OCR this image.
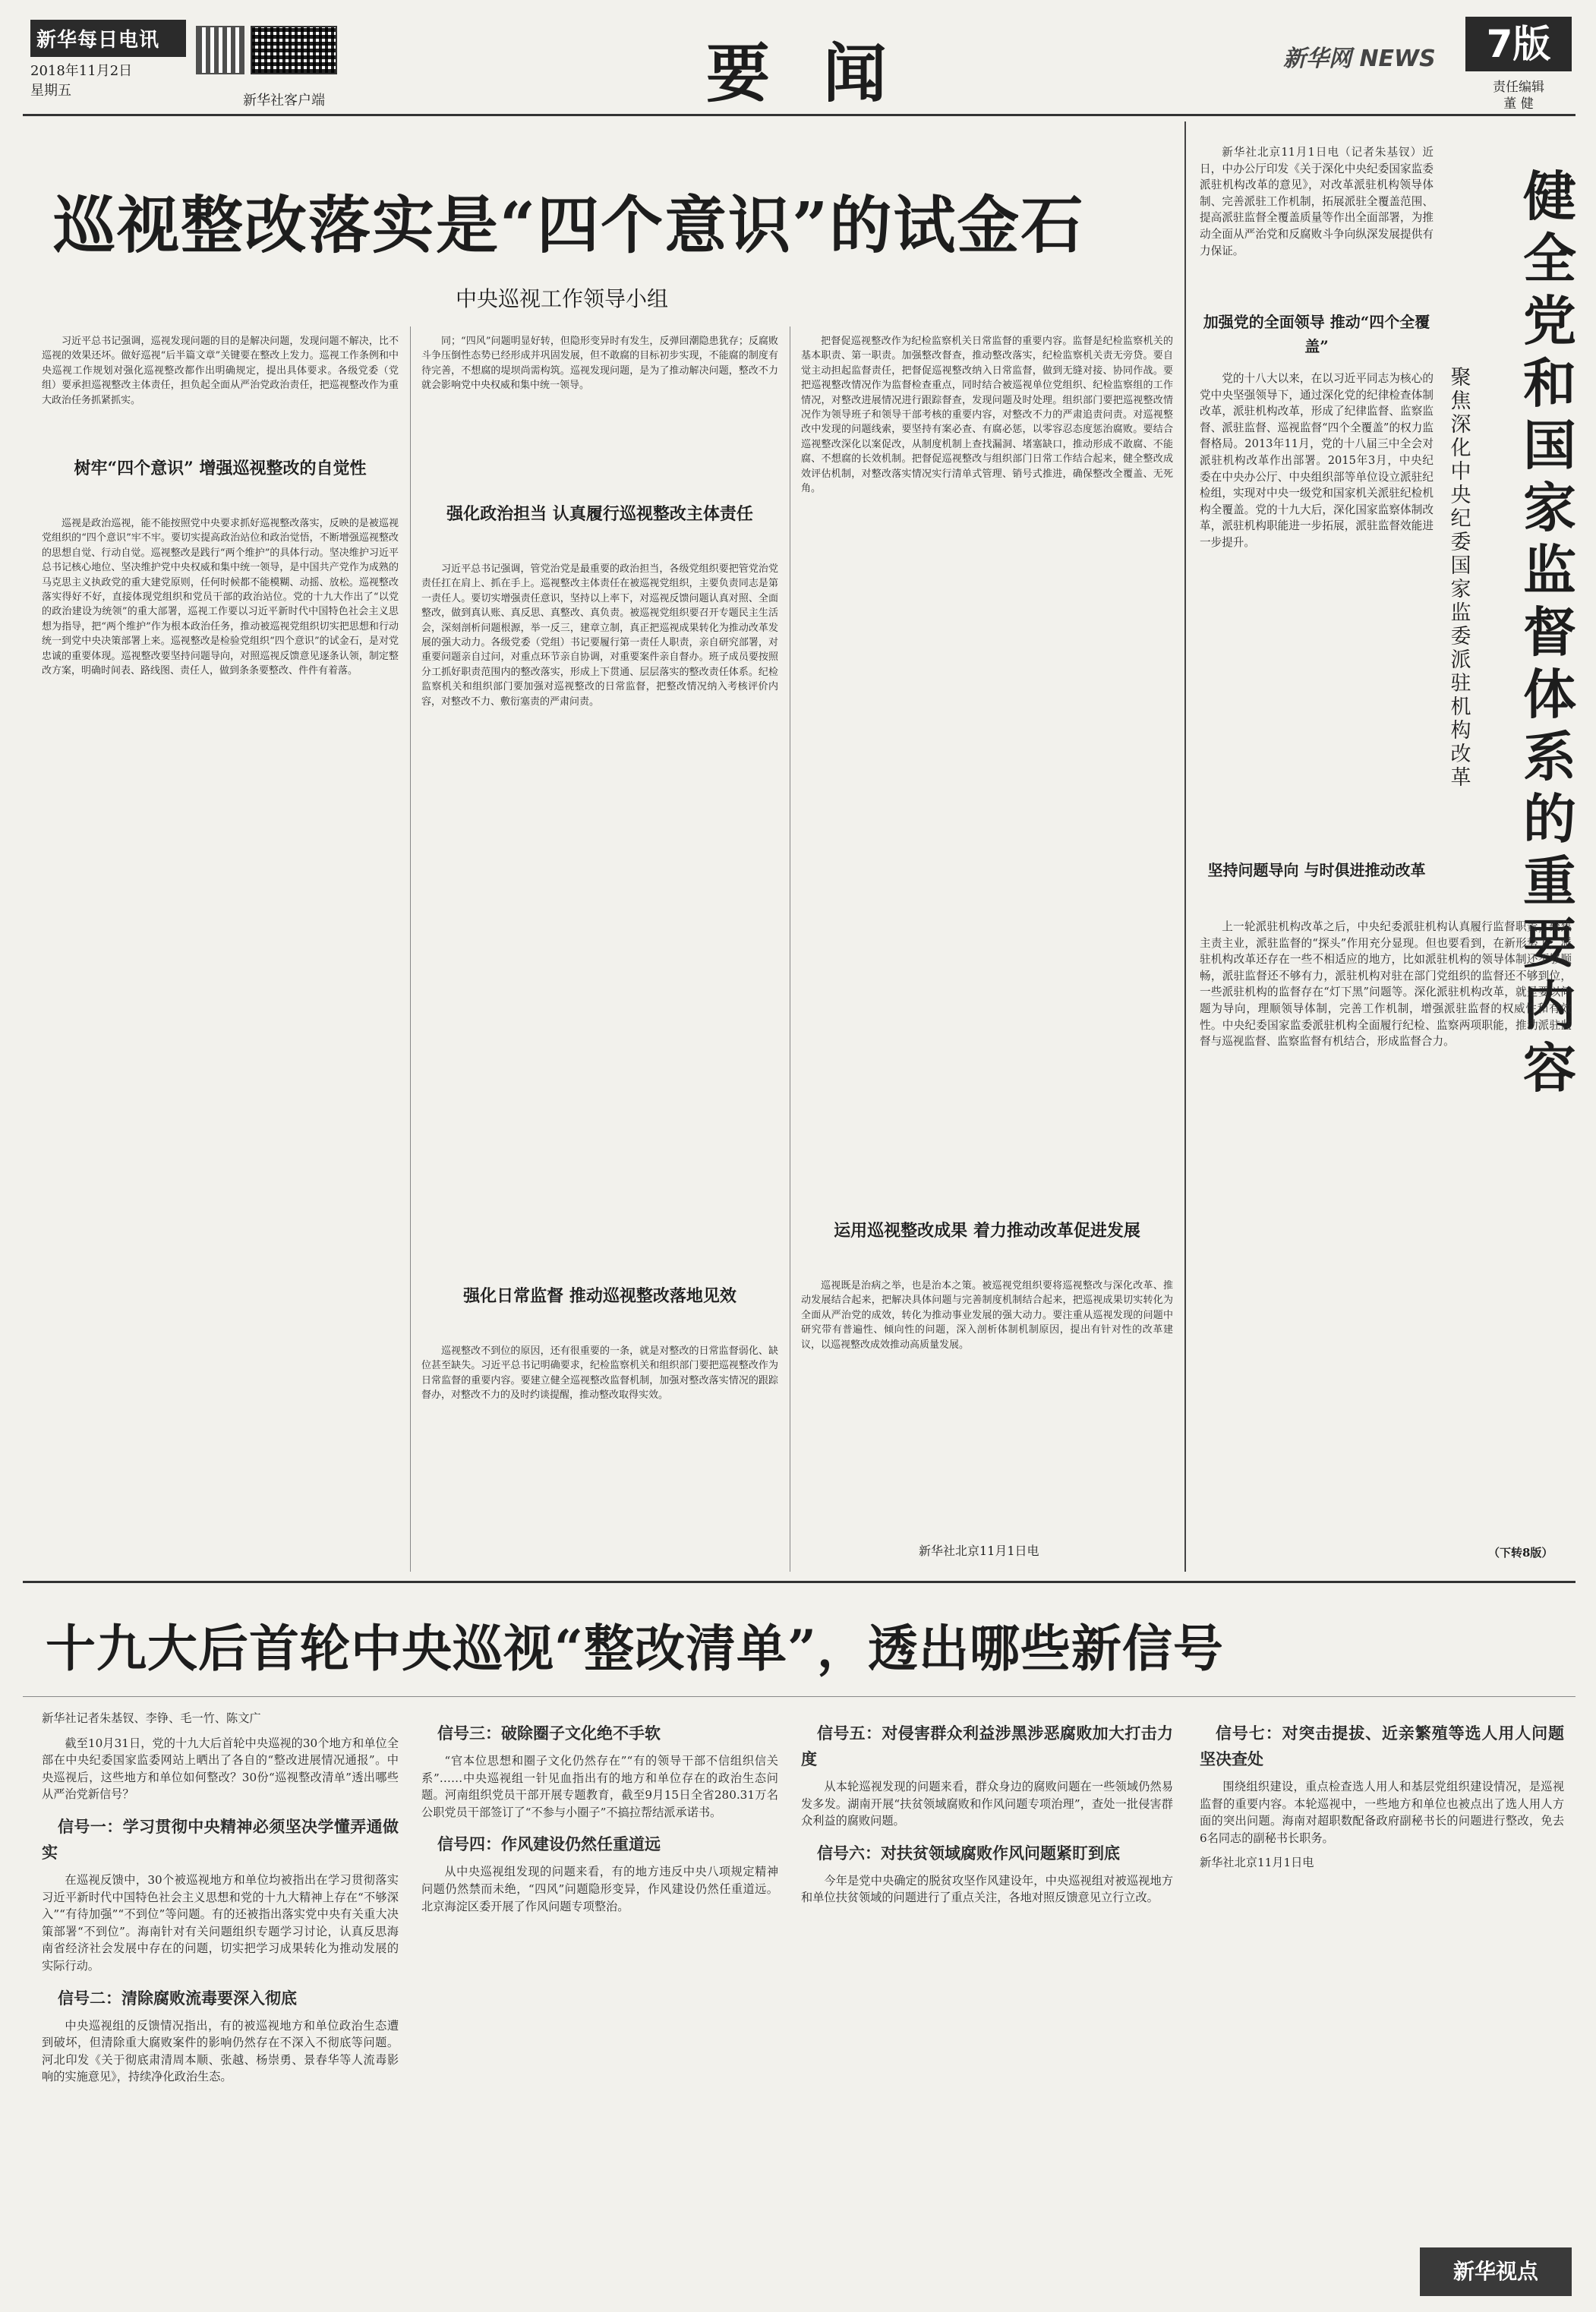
新华每日电讯
2018年11月2日
星期五
新华社客户端	要闻	新华网 NEWS	7版
责任编辑
董 健
巡视整改落实是“四个意识”的试金石
中央巡视工作领导小组

习近平总书记强调，巡视发现问题的目的是解决问题，发现问题不解决，比不巡视的效果还坏。做好巡视“后半篇文章”关键要在整改上发力。巡视工作条例和中央巡视工作规划对强化巡视整改都作出明确规定，提出具体要求。各级党委（党组）要承担巡视整改主体责任，担负起全面从严治党政治责任，把巡视整改作为重大政治任务抓紧抓实。

树牢“四个意识” 增强巡视整改的自觉性

巡视是政治巡视，能不能按照党中央要求抓好巡视整改落实，反映的是被巡视党组织的“四个意识”牢不牢。要切实提高政治站位和政治觉悟，不断增强巡视整改的思想自觉、行动自觉。巡视整改是践行“两个维护”的具体行动。坚决维护习近平总书记核心地位、坚决维护党中央权威和集中统一领导，是中国共产党作为成熟的马克思主义执政党的重大建党原则，任何时候都不能模糊、动摇、放松。巡视整改落实得好不好，直接体现党组织和党员干部的政治站位。党的十九大作出了“以党的政治建设为统领”的重大部署，巡视工作要以习近平新时代中国特色社会主义思想为指导，把“两个维护”作为根本政治任务，推动被巡视党组织切实把思想和行动统一到党中央决策部署上来。巡视整改是检验党组织“四个意识”的试金石，是对党忠诚的重要体现。巡视整改要坚持问题导向，对照巡视反馈意见逐条认领，制定整改方案，明确时间表、路线图、责任人，做到条条要整改、件件有着落。

同；“四风”问题明显好转，但隐形变异时有发生，反弹回潮隐患犹存；反腐败斗争压倒性态势已经形成并巩固发展，但不敢腐的目标初步实现，不能腐的制度有待完善，不想腐的堤坝尚需构筑。巡视发现问题，是为了推动解决问题，整改不力就会影响党中央权威和集中统一领导。

强化政治担当 认真履行巡视整改主体责任

习近平总书记强调，管党治党是最重要的政治担当，各级党组织要把管党治党责任扛在肩上、抓在手上。巡视整改主体责任在被巡视党组织，主要负责同志是第一责任人。要切实增强责任意识，坚持以上率下，对巡视反馈问题认真对照、全面整改，做到真认账、真反思、真整改、真负责。被巡视党组织要召开专题民主生活会，深刻剖析问题根源，举一反三，建章立制，真正把巡视成果转化为推动改革发展的强大动力。各级党委（党组）书记要履行第一责任人职责，亲自研究部署，对重要问题亲自过问，对重点环节亲自协调，对重要案件亲自督办。班子成员要按照分工抓好职责范围内的整改落实，形成上下贯通、层层落实的整改责任体系。纪检监察机关和组织部门要加强对巡视整改的日常监督，把整改情况纳入考核评价内容，对整改不力、敷衍塞责的严肃问责。

强化日常监督 推动巡视整改落地见效

巡视整改不到位的原因，还有很重要的一条，就是对整改的日常监督弱化、缺位甚至缺失。习近平总书记明确要求，纪检监察机关和组织部门要把巡视整改作为日常监督的重要内容。要建立健全巡视整改监督机制，加强对整改落实情况的跟踪督办，对整改不力的及时约谈提醒，推动整改取得实效。

把督促巡视整改作为纪检监察机关日常监督的重要内容。监督是纪检监察机关的基本职责、第一职责。加强整改督查，推动整改落实，纪检监察机关责无旁贷。要自觉主动担起监督责任，把督促巡视整改纳入日常监督，做到无缝对接、协同作战。要把巡视整改情况作为监督检查重点，同时结合被巡视单位党组织、纪检监察组的工作情况，对整改进展情况进行跟踪督查，发现问题及时处理。组织部门要把巡视整改情况作为领导班子和领导干部考核的重要内容，对整改不力的严肃追责问责。对巡视整改中发现的问题线索，要坚持有案必查、有腐必惩，以零容忍态度惩治腐败。要结合巡视整改深化以案促改，从制度机制上查找漏洞、堵塞缺口，推动形成不敢腐、不能腐、不想腐的长效机制。把督促巡视整改与组织部门日常工作结合起来，健全整改成效评估机制，对整改落实情况实行清单式管理、销号式推进，确保整改全覆盖、无死角。

运用巡视整改成果 着力推动改革促进发展

巡视既是治病之举，也是治本之策。被巡视党组织要将巡视整改与深化改革、推动发展结合起来，把解决具体问题与完善制度机制结合起来，把巡视成果切实转化为全面从严治党的成效，转化为推动事业发展的强大动力。要注重从巡视发现的问题中研究带有普遍性、倾向性的问题，深入剖析体制机制原因，提出有针对性的改革建议，以巡视整改成效推动高质量发展。

新华社北京11月1日电
健全党和国家监督体系的重要内容
聚焦深化中央纪委国家监委派驻机构改革

新华社北京11月1日电（记者朱基钗）近日，中办公厅印发《关于深化中央纪委国家监委派驻机构改革的意见》，对改革派驻机构领导体制、完善派驻工作机制，拓展派驻全覆盖范围、提高派驻监督全覆盖质量等作出全面部署，为推动全面从严治党和反腐败斗争向纵深发展提供有力保证。

加强党的全面领导 推动“四个全覆盖”

党的十八大以来，在以习近平同志为核心的党中央坚强领导下，通过深化党的纪律检查体制改革，派驻机构改革，形成了纪律监督、监察监督、派驻监督、巡视监督“四个全覆盖”的权力监督格局。2013年11月，党的十八届三中全会对派驻机构改革作出部署。2015年3月，中央纪委在中央办公厅、中央组织部等单位设立派驻纪检组，实现对中央一级党和国家机关派驻纪检机构全覆盖。党的十九大后，深化国家监察体制改革，派驻机构职能进一步拓展，派驻监督效能进一步提升。

坚持问题导向 与时俱进推动改革

上一轮派驻机构改革之后，中央纪委派驻机构认真履行监督职责，聚焦主责主业，派驻监督的“探头”作用充分显现。但也要看到，在新形势下，派驻机构改革还存在一些不相适应的地方，比如派驻机构的领导体制还不够顺畅，派驻监督还不够有力，派驻机构对驻在部门党组织的监督还不够到位，一些派驻机构的监督存在“灯下黑”问题等。深化派驻机构改革，就是要以问题为导向，理顺领导体制，完善工作机制，增强派驻监督的权威性和有效性。中央纪委国家监委派驻机构全面履行纪检、监察两项职能，推动派驻监督与巡视监督、监察监督有机结合，形成监督合力。

（下转8版）
十九大后首轮中央巡视“整改清单”，透出哪些新信号
新华社记者朱基钗、李铮、毛一竹、陈文广

截至10月31日，党的十九大后首轮中央巡视的30个地方和单位全部在中央纪委国家监委网站上晒出了各自的“整改进展情况通报”。中央巡视后，这些地方和单位如何整改？30份“巡视整改清单”透出哪些从严治党新信号？

信号一：学习贯彻中央精神必须坚决学懂弄通做实

在巡视反馈中，30个被巡视地方和单位均被指出在学习贯彻落实习近平新时代中国特色社会主义思想和党的十九大精神上存在“不够深入”“有待加强”“不到位”等问题。有的还被指出落实党中央有关重大决策部署“不到位”。海南针对有关问题组织专题学习讨论，认真反思海南省经济社会发展中存在的问题，切实把学习成果转化为推动发展的实际行动。

信号二：清除腐败流毒要深入彻底

中央巡视组的反馈情况指出，有的被巡视地方和单位政治生态遭到破坏，但清除重大腐败案件的影响仍然存在不深入不彻底等问题。河北印发《关于彻底肃清周本顺、张越、杨崇勇、景春华等人流毒影响的实施意见》，持续净化政治生态。

信号三：破除圈子文化绝不手软

“官本位思想和圈子文化仍然存在”“有的领导干部不信组织信关系”……中央巡视组一针见血指出有的地方和单位存在的政治生态问题。河南组织党员干部开展专题教育，截至9月15日全省280.31万名公职党员干部签订了“不参与小圈子”不搞拉帮结派承诺书。

信号四：作风建设仍然任重道远

从中央巡视组发现的问题来看，有的地方违反中央八项规定精神问题仍然禁而未绝，“四风”问题隐形变异，作风建设仍然任重道远。北京海淀区委开展了作风问题专项整治。

信号五：对侵害群众利益涉黑涉恶腐败加大打击力度

从本轮巡视发现的问题来看，群众身边的腐败问题在一些领域仍然易发多发。湖南开展“扶贫领域腐败和作风问题专项治理”，查处一批侵害群众利益的腐败问题。

信号六：对扶贫领域腐败作风问题紧盯到底

今年是党中央确定的脱贫攻坚作风建设年，中央巡视组对被巡视地方和单位扶贫领域的问题进行了重点关注，各地对照反馈意见立行立改。

信号七：对突击提拔、近亲繁殖等选人用人问题坚决查处

围绕组织建设，重点检查选人用人和基层党组织建设情况，是巡视监督的重要内容。本轮巡视中，一些地方和单位也被点出了选人用人方面的突出问题。海南对超职数配备政府副秘书长的问题进行整改，免去6名同志的副秘书长职务。

新华社北京11月1日电
新华视点
